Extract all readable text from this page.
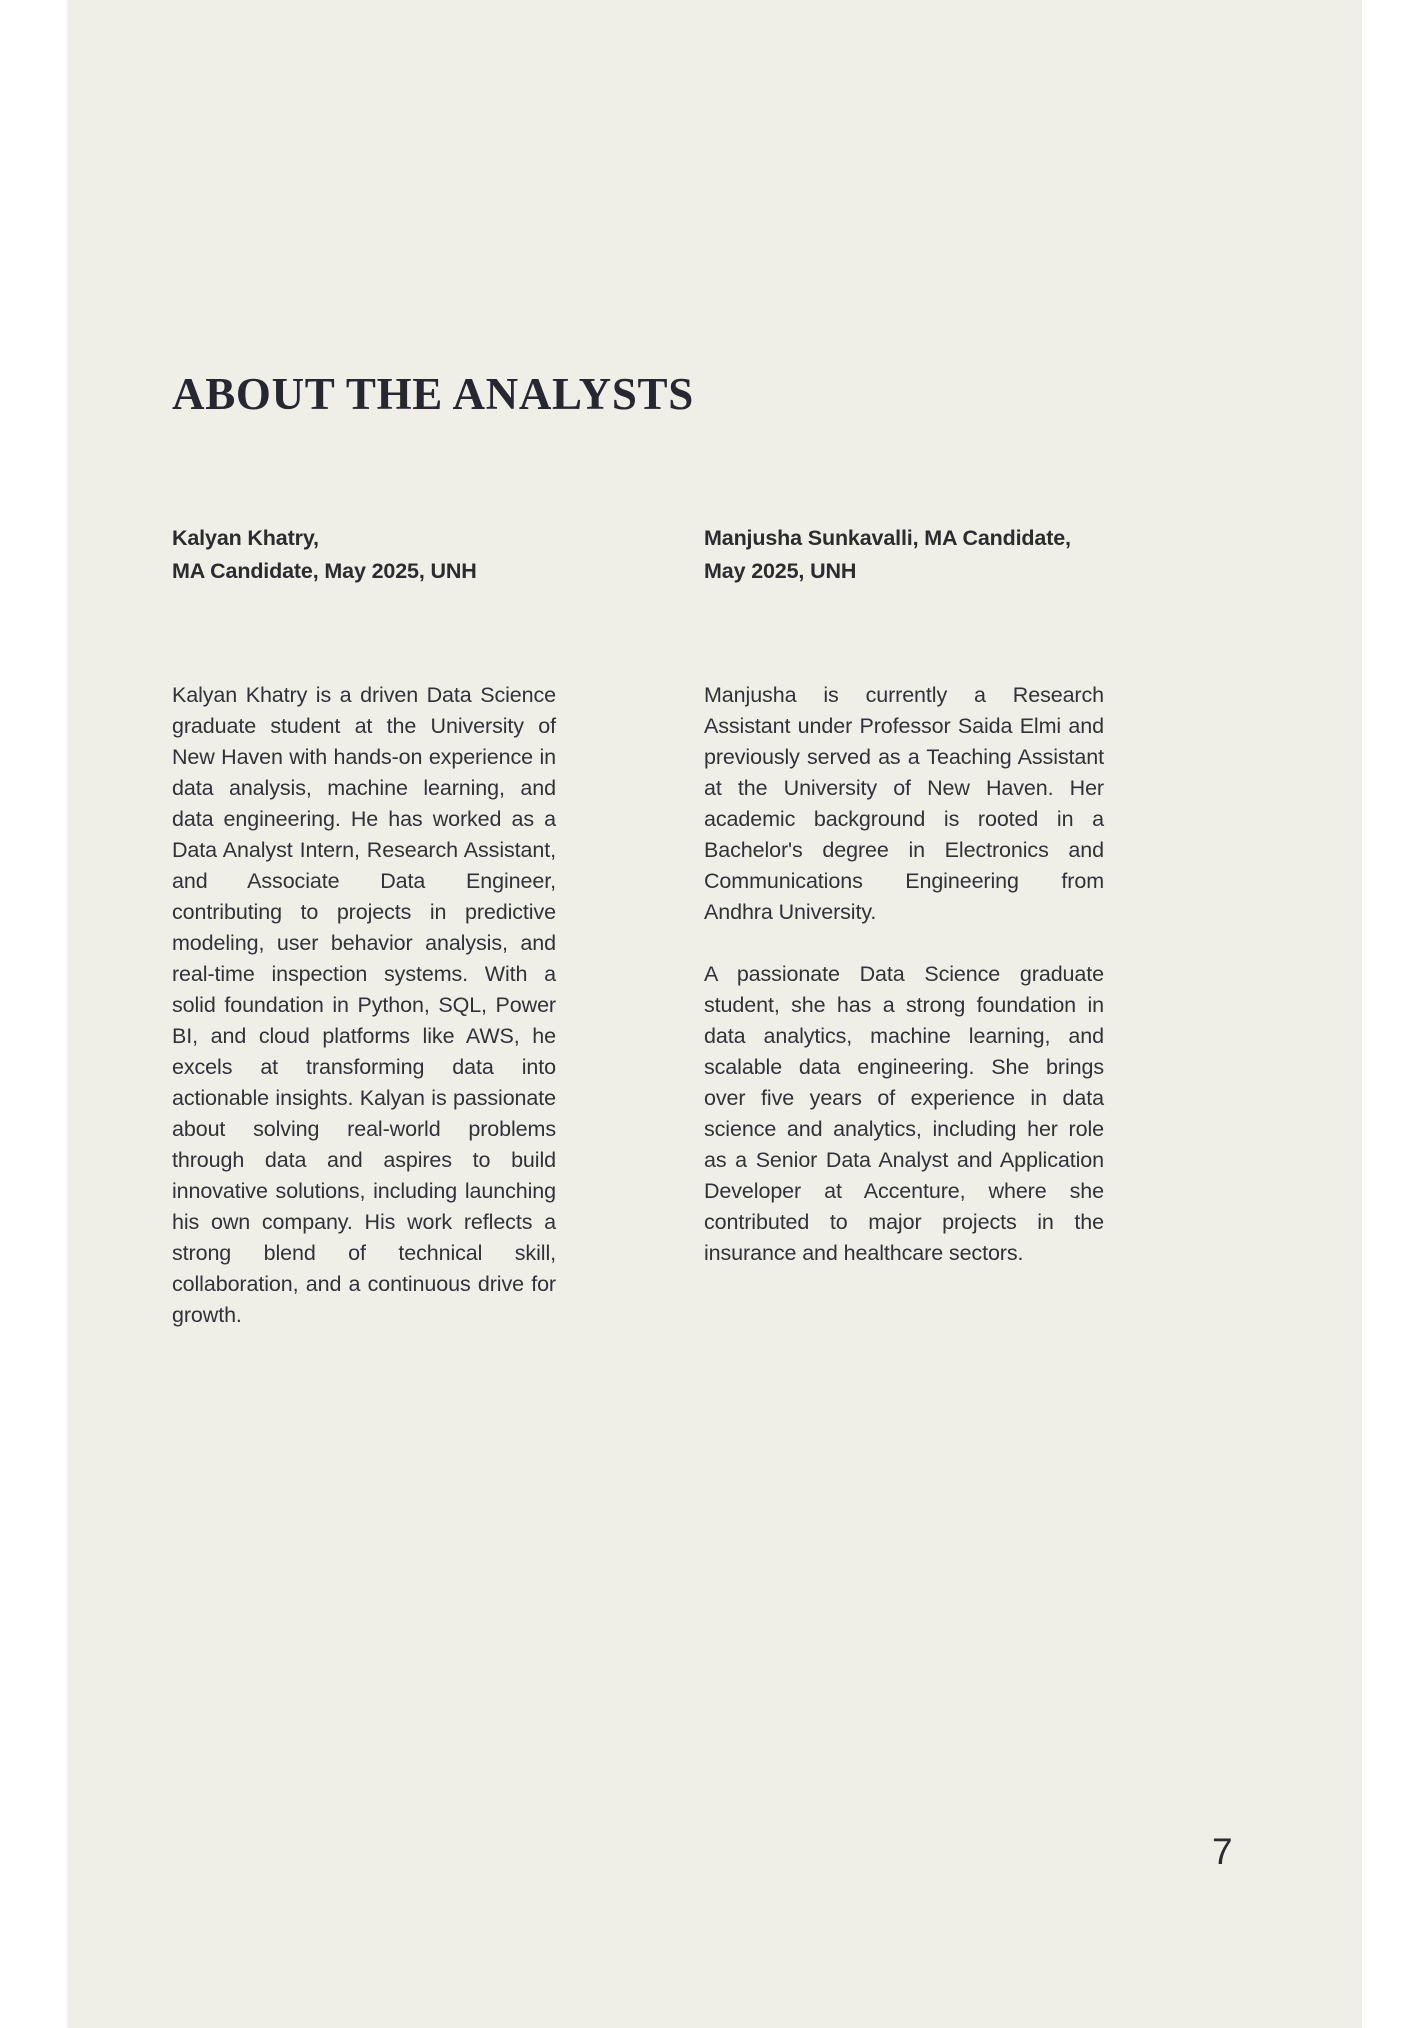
ABOUT THE ANALYSTS
Kalyan Khatry,
MA Candidate, May 2025, UNH

Kalyan Khatry is a driven Data Science graduate student at the University of New Haven with hands-on experience in data analysis, machine learning, and data engineering. He has worked as a Data Analyst Intern, Research Assistant, and Associate Data Engineer, contributing to projects in predictive modeling, user behavior analysis, and real-time inspection systems. With a solid foundation in Python, SQL, Power BI, and cloud platforms like AWS, he excels at transforming data into actionable insights. Kalyan is passionate about solving real-world problems through data and aspires to build innovative solutions, including launching his own company. His work reflects a strong blend of technical skill, collaboration, and a continuous drive for growth.

Manjusha Sunkavalli, MA Candidate,
May 2025, UNH

Manjusha is currently a Research Assistant under Professor Saida Elmi and previously served as a Teaching Assistant at the University of New Haven. Her academic background is rooted in a Bachelor's degree in Electronics and Communications Engineering from Andhra University.

A passionate Data Science graduate student, she has a strong foundation in data analytics, machine learning, and scalable data engineering. She brings over five years of experience in data science and analytics, including her role as a Senior Data Analyst and Application Developer at Accenture, where she contributed to major projects in the insurance and healthcare sectors.

7
